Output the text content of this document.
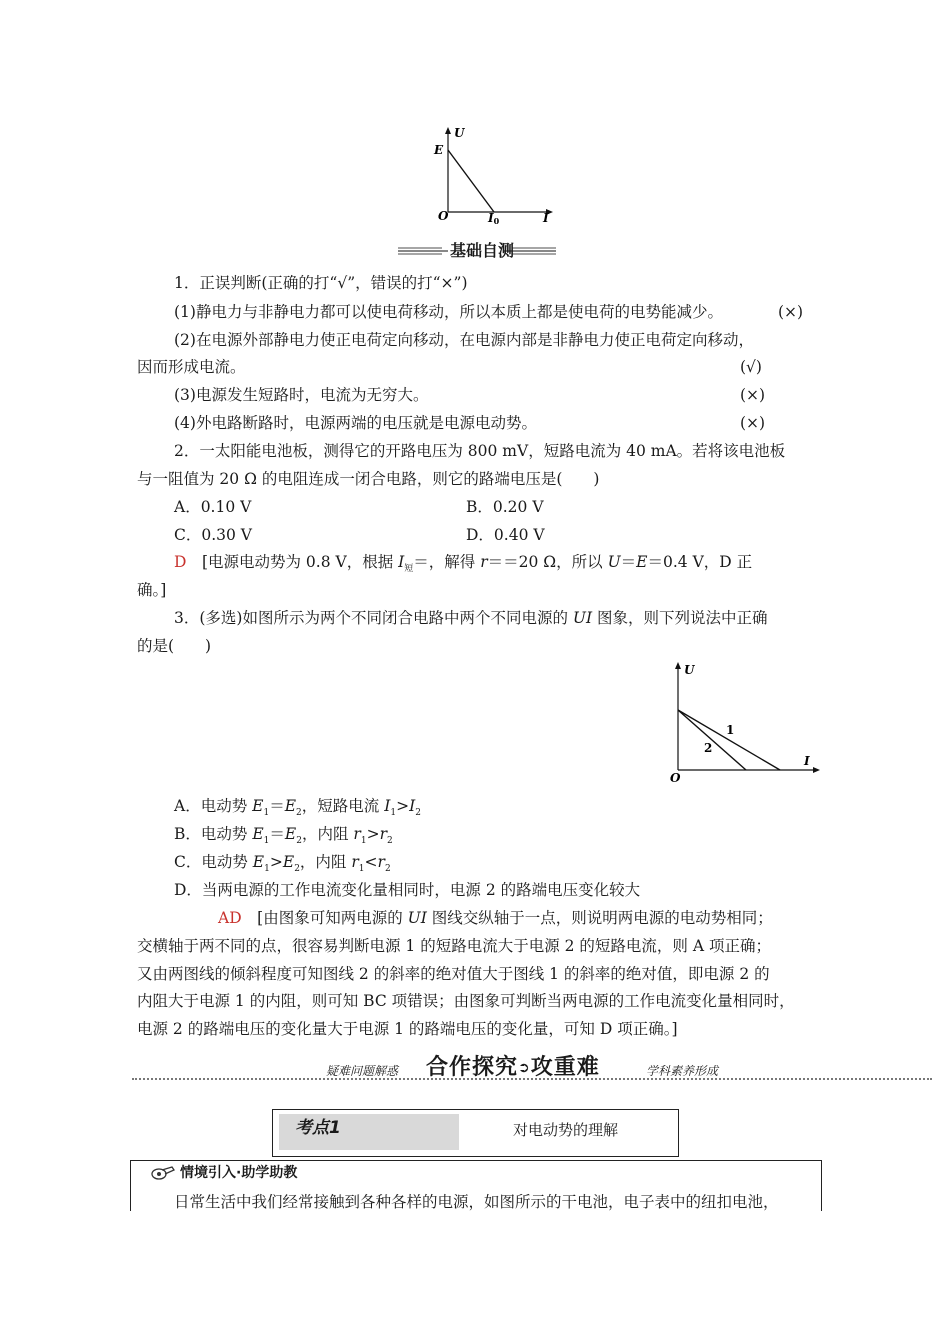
U
E
O	I0	I
基础自测
1．正误判断(正确的打“√”，错误的打“×”)
(1)静电力与非静电力都可以使电荷移动，所以本质上都是使电荷的电势能减少。	(×)
(2)在电源外部静电力使正电荷定向移动，在电源内部是非静电力使正电荷定向移动，
因而形成电流。	(√)
(3)电源发生短路时，电流为无穷大。	(×)
(4)外电路断路时，电源两端的电压就是电源电动势。	(×)
2．一太阳能电池板，测得它的开路电压为 800 mV，短路电流为 40 mA。若将该电池板
与一阻值为 20 Ω 的电阻连成一闭合电路，则它的路端电压是(　　)
A．0.10 V	B．0.20 V
C．0.30 V	D．0.40 V
D　 [电源电动势为 0.8 V，根据 $I_短=$，解得 r＝＝20 Ω，所以 U＝E＝0.4 V，D 正
确。]
3．(多选)如图所示为两个不同闭合电路中两个不同电源的 UI 图象，则下列说法中正确
的是(　　)
U
O
I
1
2
A．电动势 $E_1=E_2$，短路电流 $I_1>I_2$
B．电动势 $E_1=E_2$，内阻 $r_1>r_2$
C．电动势 $E_1>E_2$，内阻 $r_1<r_2$
D．当两电源的工作电流变化量相同时，电源 2 的路端电压变化较大
AD　 [由图象可知两电源的 UI 图线交纵轴于一点，则说明两电源的电动势相同；
交横轴于两不同的点，很容易判断电源 1 的短路电流大于电源 2 的短路电流，则 A 项正确；
又由两图线的倾斜程度可知图线 2 的斜率的绝对值大于图线 1 的斜率的绝对值，即电源 2 的
内阻大于电源 1 的内阻，则可知 BC 项错误；由图象可判断当两电源的工作电流变化量相同时，
电源 2 的路端电压的变化量大于电源 1 的路端电压的变化量，可知 D 项正确。]
疑难问题解惑 合作探究➲攻重难	学科素养形成
考点1	对电动势的理解
情境引入·助学助教
日常生活中我们经常接触到各种各样的电源，如图所示的干电池，电子表中的纽扣电池，
